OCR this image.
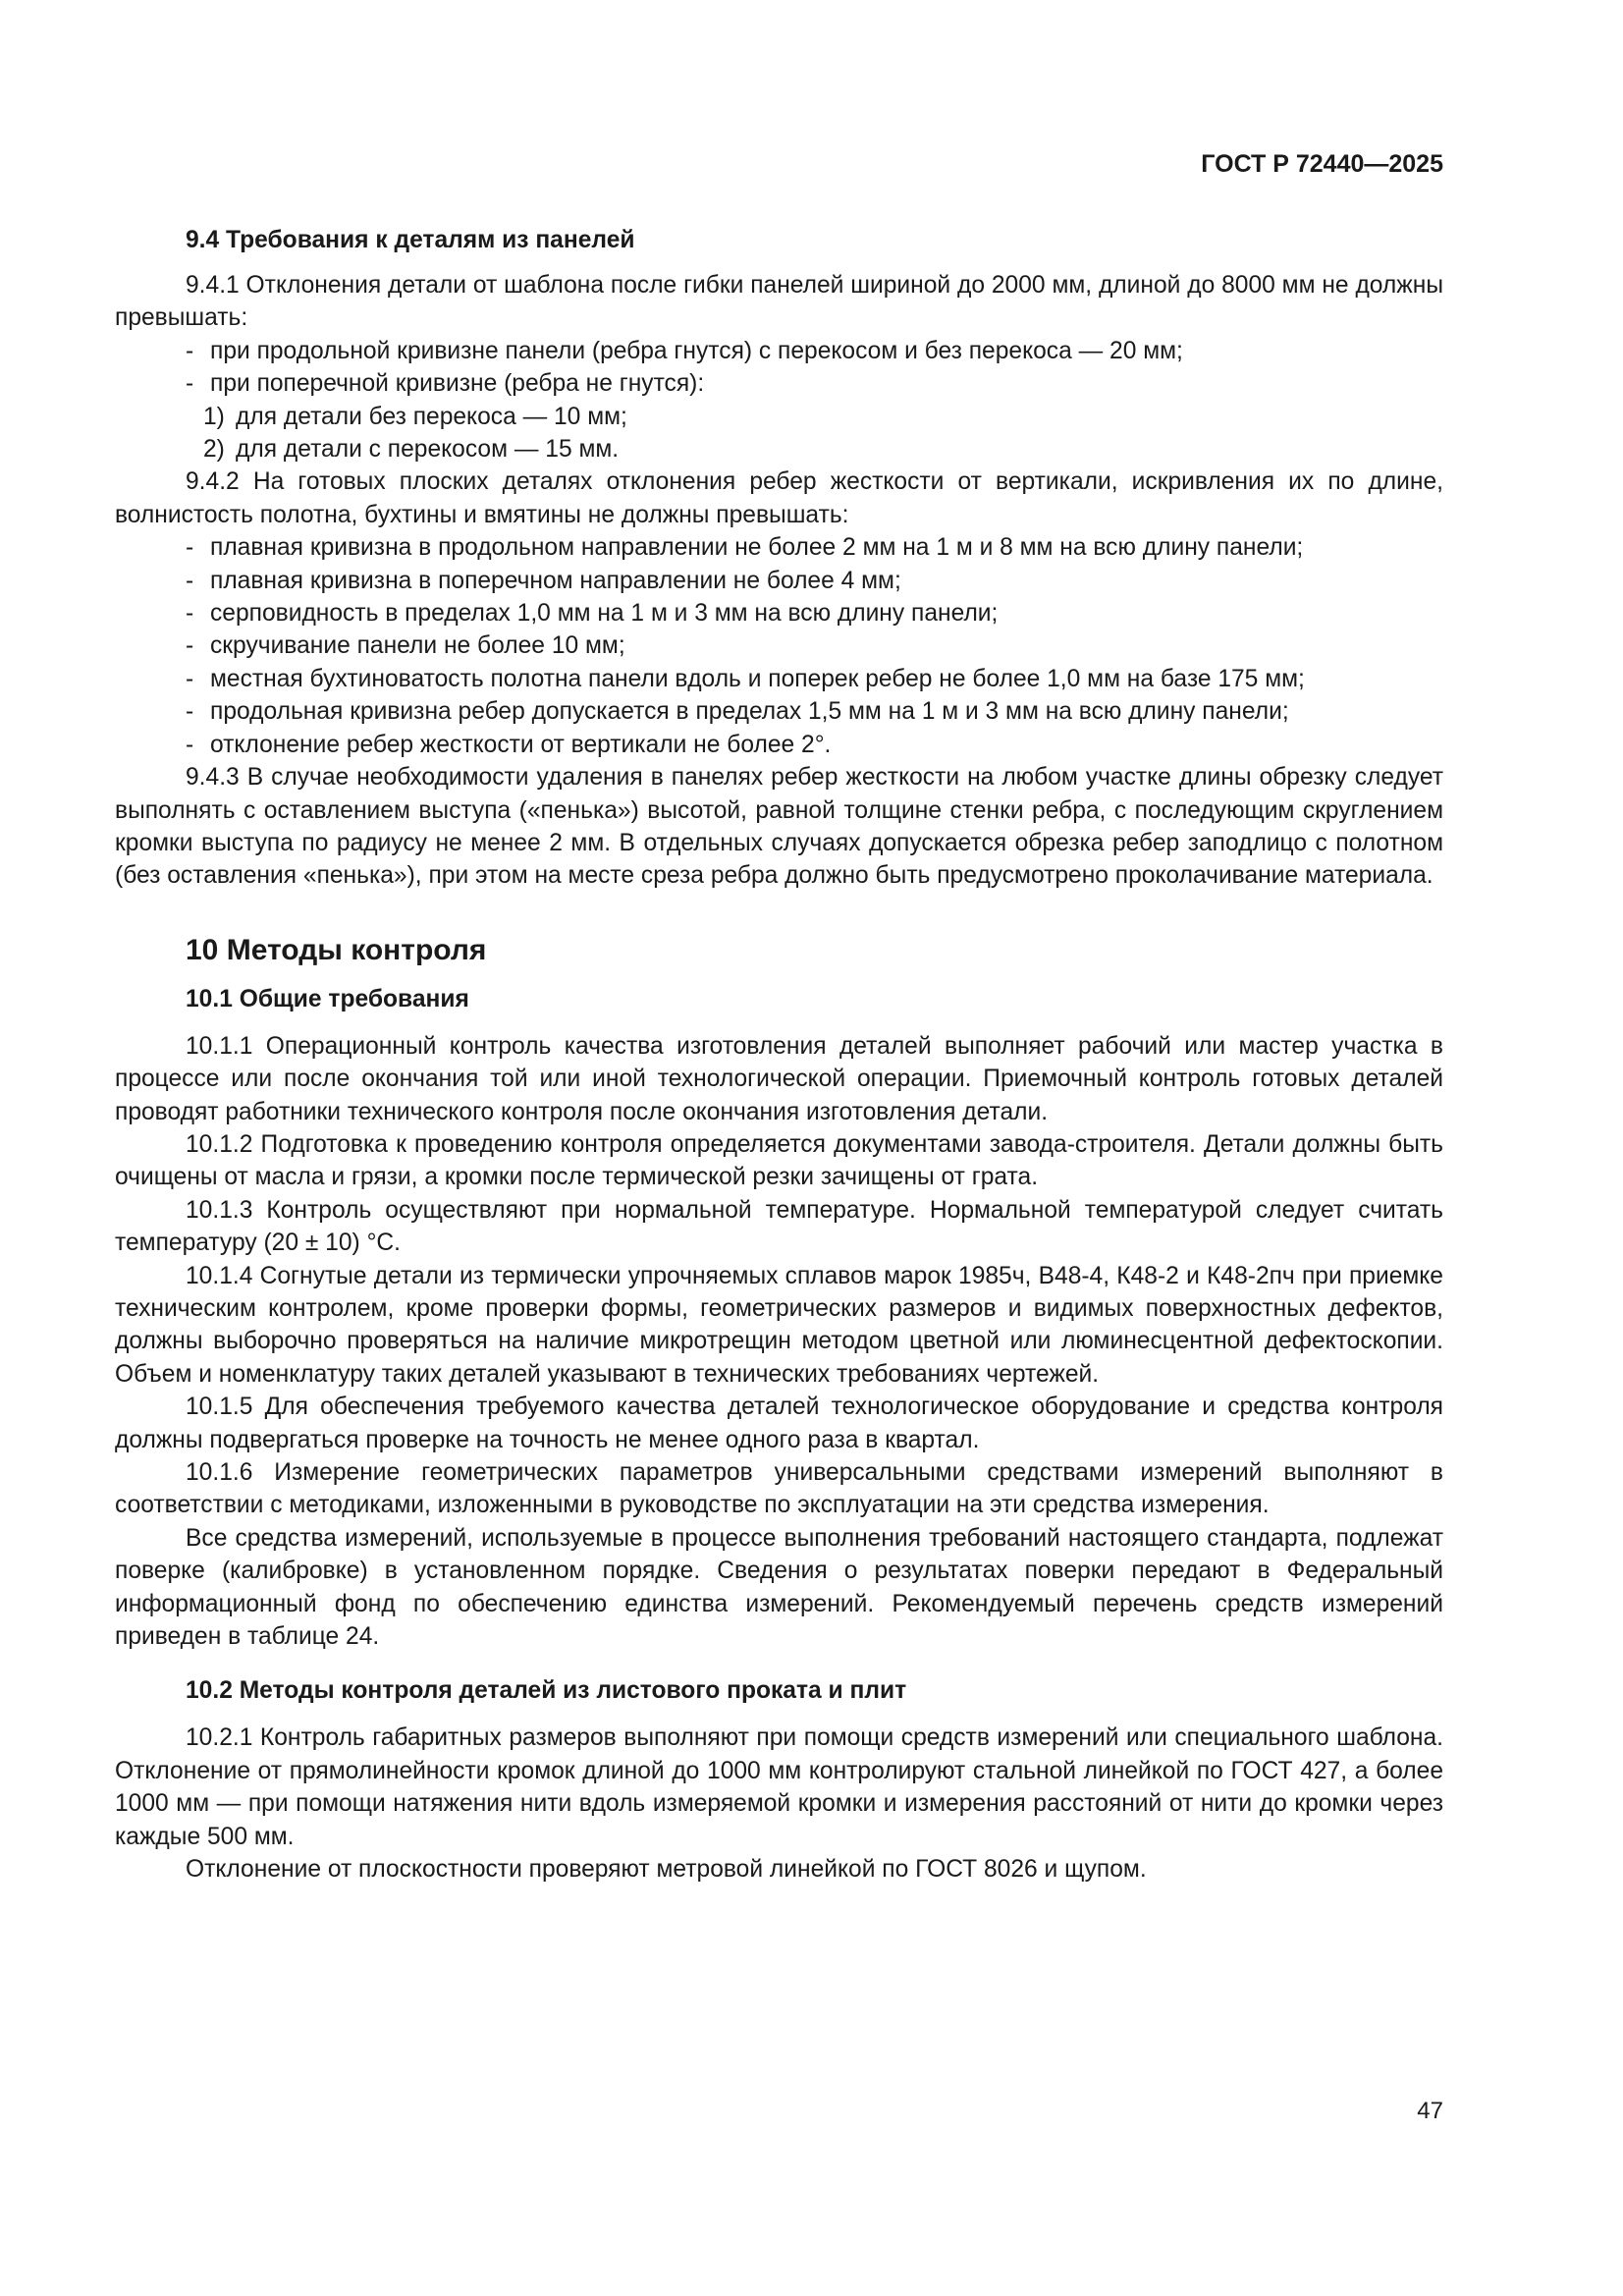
ГОСТ Р 72440—2025
9.4 Требования к деталям из панелей

9.4.1 Отклонения детали от шаблона после гибки панелей шириной до 2000 мм, длиной до 8000 мм не должны превышать:

- при продольной кривизне панели (ребра гнутся) с перекосом и без перекоса — 20 мм;
- при поперечной кривизне (ребра не гнутся):
1) для детали без перекоса — 10 мм;
2) для детали с перекосом — 15 мм.

9.4.2 На готовых плоских деталях отклонения ребер жесткости от вертикали, искривления их по длине, волнистость полотна, бухтины и вмятины не должны превышать:

- плавная кривизна в продольном направлении не более 2 мм на 1 м и 8 мм на всю длину панели;
- плавная кривизна в поперечном направлении не более 4 мм;
- серповидность в пределах 1,0 мм на 1 м и 3 мм на всю длину панели;
- скручивание панели не более 10 мм;
- местная бухтиноватость полотна панели вдоль и поперек ребер не более 1,0 мм на базе 175 мм;
- продольная кривизна ребер допускается в пределах 1,5 мм на 1 м и 3 мм на всю длину панели;
- отклонение ребер жесткости от вертикали не более 2°.

9.4.3 В случае необходимости удаления в панелях ребер жесткости на любом участке длины обрезку следует выполнять с оставлением выступа («пенька») высотой, равной толщине стенки ребра, с последующим скруглением кромки выступа по радиусу не менее 2 мм. В отдельных случаях допускается обрезка ребер заподлицо с полотном (без оставления «пенька»), при этом на месте среза ребра должно быть предусмотрено проколачивание материала.

10 Методы контроля
10.1 Общие требования

10.1.1 Операционный контроль качества изготовления деталей выполняет рабочий или мастер участка в процессе или после окончания той или иной технологической операции. Приемочный контроль готовых деталей проводят работники технического контроля после окончания изготовления детали.

10.1.2 Подготовка к проведению контроля определяется документами завода-строителя. Детали должны быть очищены от масла и грязи, а кромки после термической резки зачищены от грата.

10.1.3 Контроль осуществляют при нормальной температуре. Нормальной температурой следует считать температуру (20 ± 10) °С.

10.1.4 Согнутые детали из термически упрочняемых сплавов марок 1985ч, В48-4, К48-2 и К48-2пч при приемке техническим контролем, кроме проверки формы, геометрических размеров и видимых поверхностных дефектов, должны выборочно проверяться на наличие микротрещин методом цветной или люминесцентной дефектоскопии. Объем и номенклатуру таких деталей указывают в технических требованиях чертежей.

10.1.5 Для обеспечения требуемого качества деталей технологическое оборудование и средства контроля должны подвергаться проверке на точность не менее одного раза в квартал.

10.1.6 Измерение геометрических параметров универсальными средствами измерений выполняют в соответствии с методиками, изложенными в руководстве по эксплуатации на эти средства измерения.

Все средства измерений, используемые в процессе выполнения требований настоящего стандарта, подлежат поверке (калибровке) в установленном порядке. Сведения о результатах поверки передают в Федеральный информационный фонд по обеспечению единства измерений. Рекомендуемый перечень средств измерений приведен в таблице 24.

10.2 Методы контроля деталей из листового проката и плит

10.2.1 Контроль габаритных размеров выполняют при помощи средств измерений или специального шаблона. Отклонение от прямолинейности кромок длиной до 1000 мм контролируют стальной линейкой по ГОСТ 427, а более 1000 мм — при помощи натяжения нити вдоль измеряемой кромки и измерения расстояний от нити до кромки через каждые 500 мм.

Отклонение от плоскостности проверяют метровой линейкой по ГОСТ 8026 и щупом.

47
